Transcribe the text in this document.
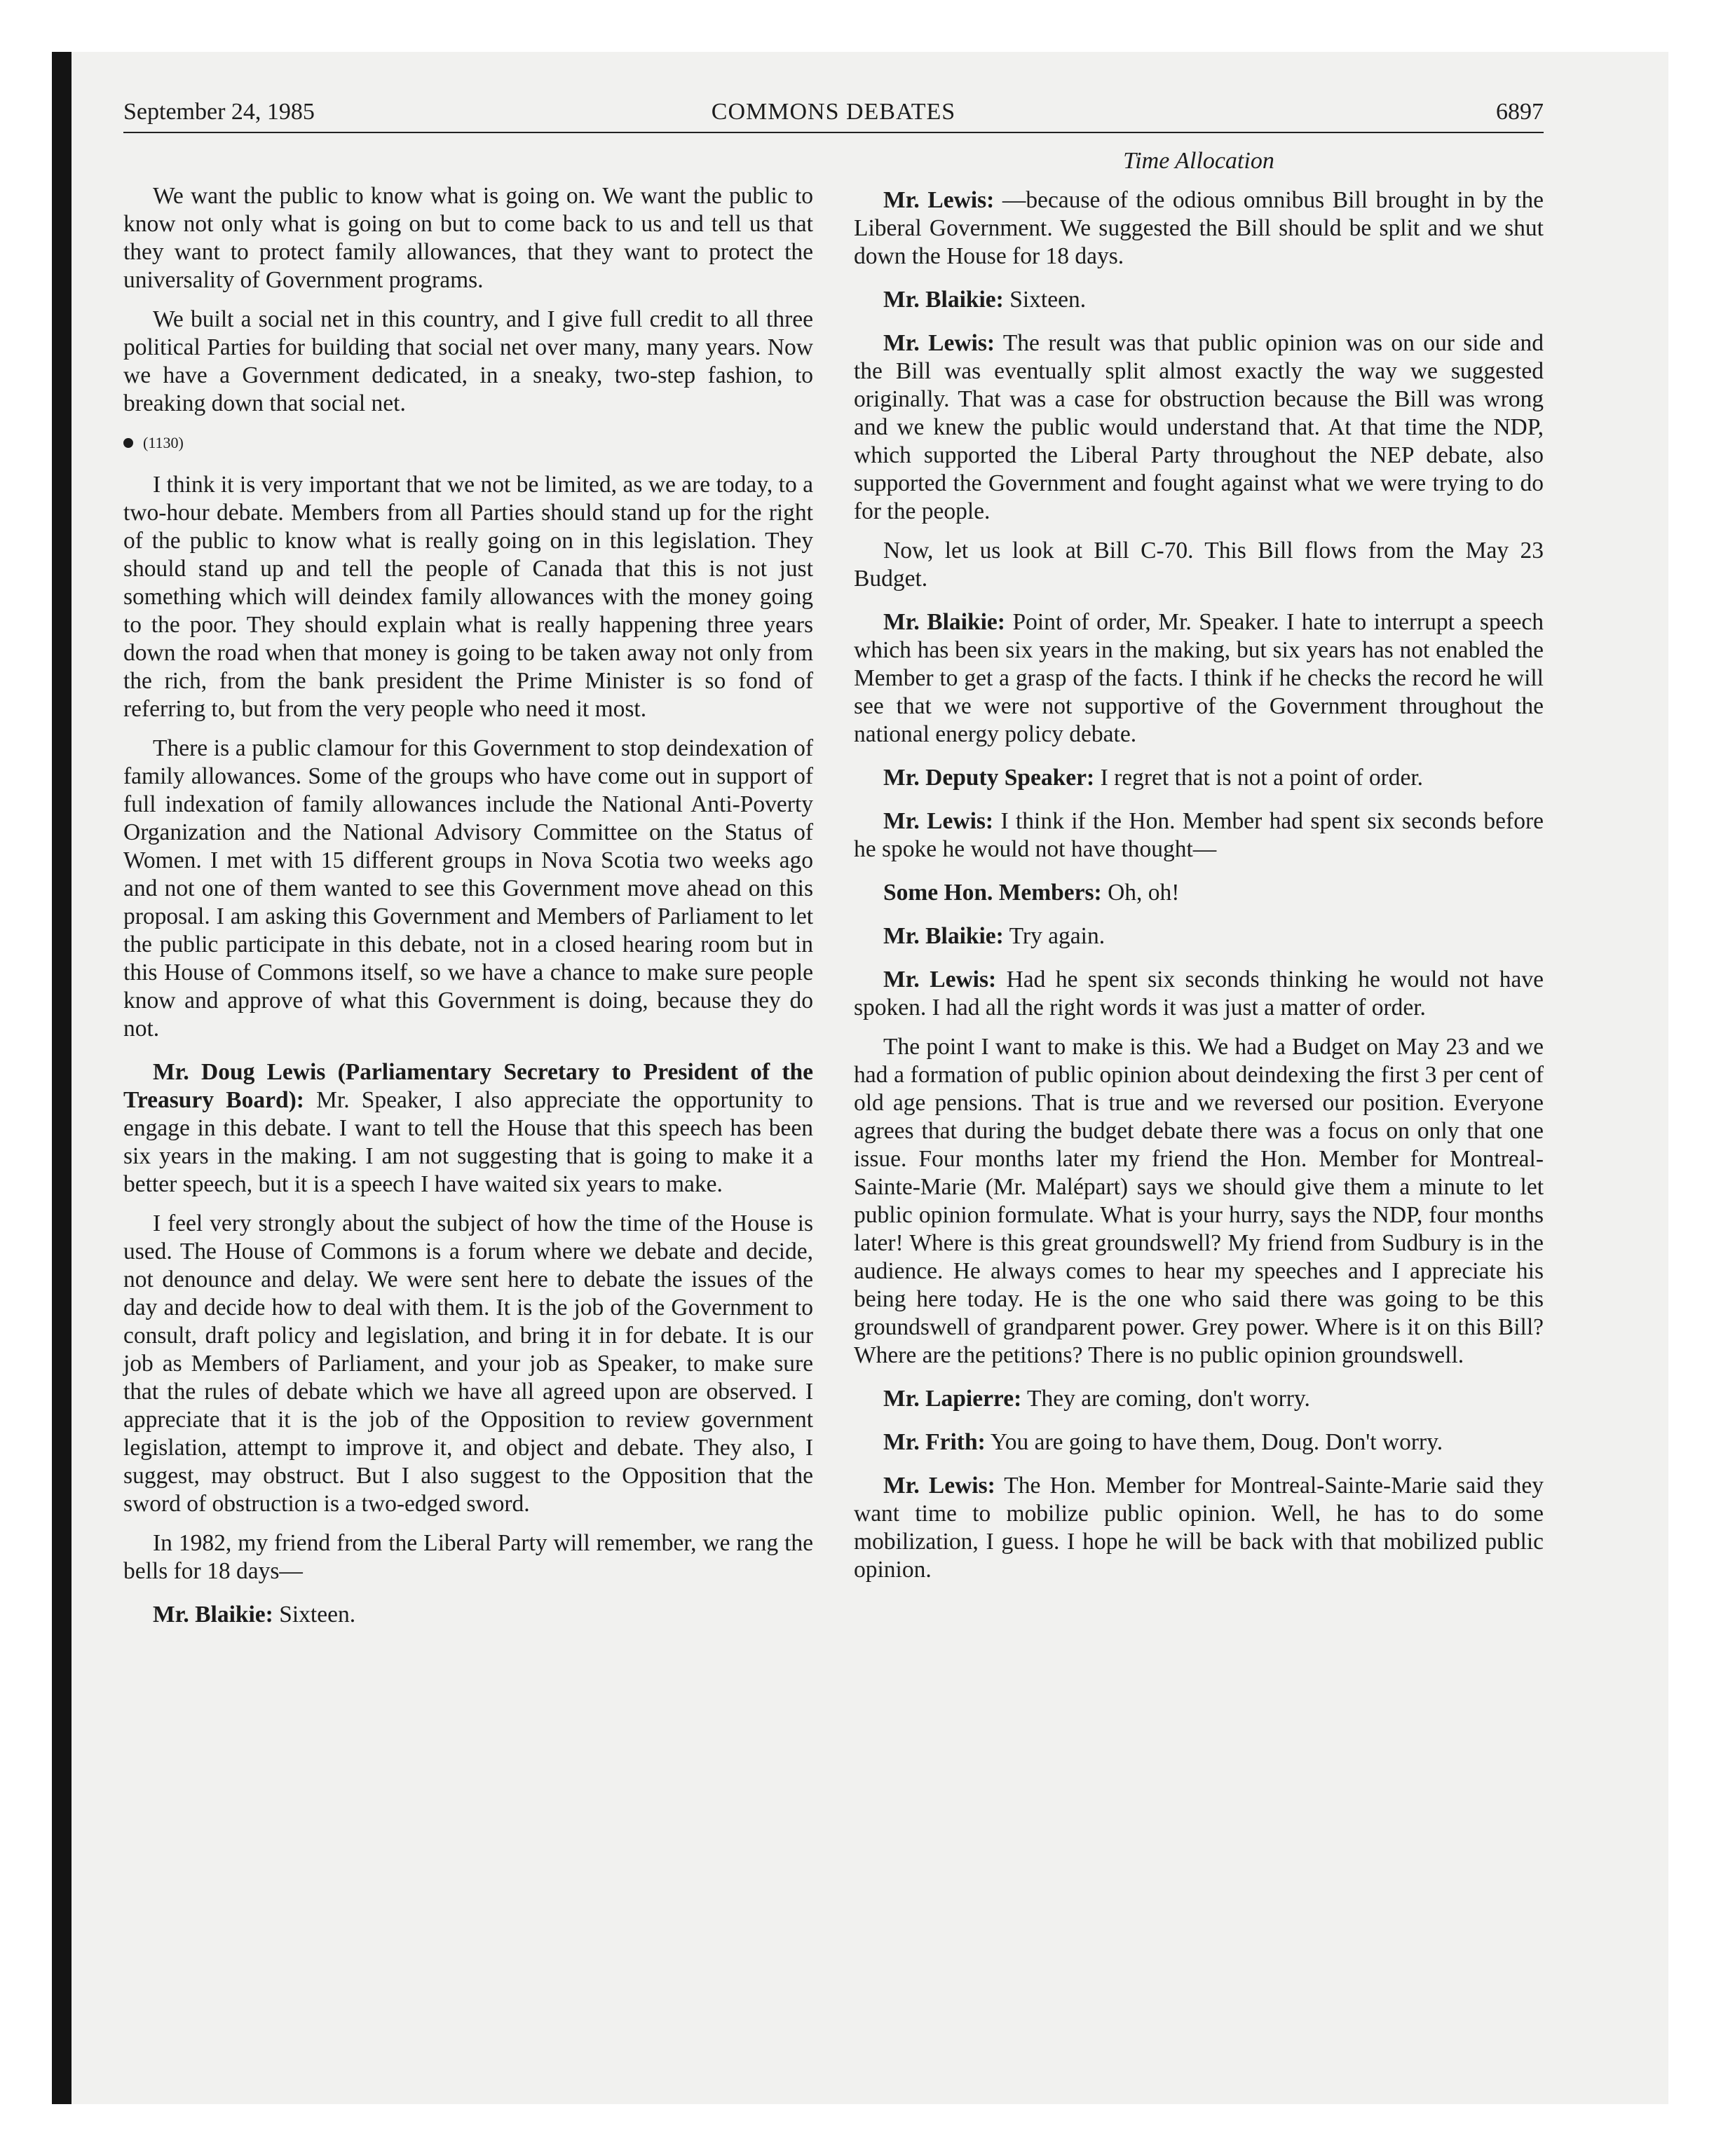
September 24, 1985	COMMONS DEBATES	6897

We want the public to know what is going on. We want the public to know not only what is going on but to come back to us and tell us that they want to protect family allowances, that they want to protect the universality of Government programs.

We built a social net in this country, and I give full credit to all three political Parties for building that social net over many, many years. Now we have a Government dedicated, in a sneaky, two-step fashion, to breaking down that social net.

(1130)

I think it is very important that we not be limited, as we are today, to a two-hour debate. Members from all Parties should stand up for the right of the public to know what is really going on in this legislation. They should stand up and tell the people of Canada that this is not just something which will deindex family allowances with the money going to the poor. They should explain what is really happening three years down the road when that money is going to be taken away not only from the rich, from the bank president the Prime Minister is so fond of referring to, but from the very people who need it most.

There is a public clamour for this Government to stop deindexation of family allowances. Some of the groups who have come out in support of full indexation of family allowances include the National Anti-Poverty Organization and the National Advisory Committee on the Status of Women. I met with 15 different groups in Nova Scotia two weeks ago and not one of them wanted to see this Government move ahead on this proposal. I am asking this Government and Members of Parliament to let the public participate in this debate, not in a closed hearing room but in this House of Commons itself, so we have a chance to make sure people know and approve of what this Government is doing, because they do not.

Mr. Doug Lewis (Parliamentary Secretary to President of the Treasury Board): Mr. Speaker, I also appreciate the opportunity to engage in this debate. I want to tell the House that this speech has been six years in the making. I am not suggesting that is going to make it a better speech, but it is a speech I have waited six years to make.

I feel very strongly about the subject of how the time of the House is used. The House of Commons is a forum where we debate and decide, not denounce and delay. We were sent here to debate the issues of the day and decide how to deal with them. It is the job of the Government to consult, draft policy and legislation, and bring it in for debate. It is our job as Members of Parliament, and your job as Speaker, to make sure that the rules of debate which we have all agreed upon are observed. I appreciate that it is the job of the Opposition to review government legislation, attempt to improve it, and object and debate. They also, I suggest, may obstruct. But I also suggest to the Opposition that the sword of obstruction is a two-edged sword.

In 1982, my friend from the Liberal Party will remember, we rang the bells for 18 days—

Mr. Blaikie: Sixteen.

Time Allocation

Mr. Lewis: —because of the odious omnibus Bill brought in by the Liberal Government. We suggested the Bill should be split and we shut down the House for 18 days.

Mr. Blaikie: Sixteen.

Mr. Lewis: The result was that public opinion was on our side and the Bill was eventually split almost exactly the way we suggested originally. That was a case for obstruction because the Bill was wrong and we knew the public would understand that. At that time the NDP, which supported the Liberal Party throughout the NEP debate, also supported the Government and fought against what we were trying to do for the people.

Now, let us look at Bill C-70. This Bill flows from the May 23 Budget.

Mr. Blaikie: Point of order, Mr. Speaker. I hate to interrupt a speech which has been six years in the making, but six years has not enabled the Member to get a grasp of the facts. I think if he checks the record he will see that we were not supportive of the Government throughout the national energy policy debate.

Mr. Deputy Speaker: I regret that is not a point of order.

Mr. Lewis: I think if the Hon. Member had spent six seconds before he spoke he would not have thought—

Some Hon. Members: Oh, oh!

Mr. Blaikie: Try again.

Mr. Lewis: Had he spent six seconds thinking he would not have spoken. I had all the right words it was just a matter of order.

The point I want to make is this. We had a Budget on May 23 and we had a formation of public opinion about deindexing the first 3 per cent of old age pensions. That is true and we reversed our position. Everyone agrees that during the budget debate there was a focus on only that one issue. Four months later my friend the Hon. Member for Montreal-Sainte-Marie (Mr. Malépart) says we should give them a minute to let public opinion formulate. What is your hurry, says the NDP, four months later! Where is this great groundswell? My friend from Sudbury is in the audience. He always comes to hear my speeches and I appreciate his being here today. He is the one who said there was going to be this groundswell of grandparent power. Grey power. Where is it on this Bill? Where are the petitions? There is no public opinion groundswell.

Mr. Lapierre: They are coming, don't worry.

Mr. Frith: You are going to have them, Doug. Don't worry.

Mr. Lewis: The Hon. Member for Montreal-Sainte-Marie said they want time to mobilize public opinion. Well, he has to do some mobilization, I guess. I hope he will be back with that mobilized public opinion.
